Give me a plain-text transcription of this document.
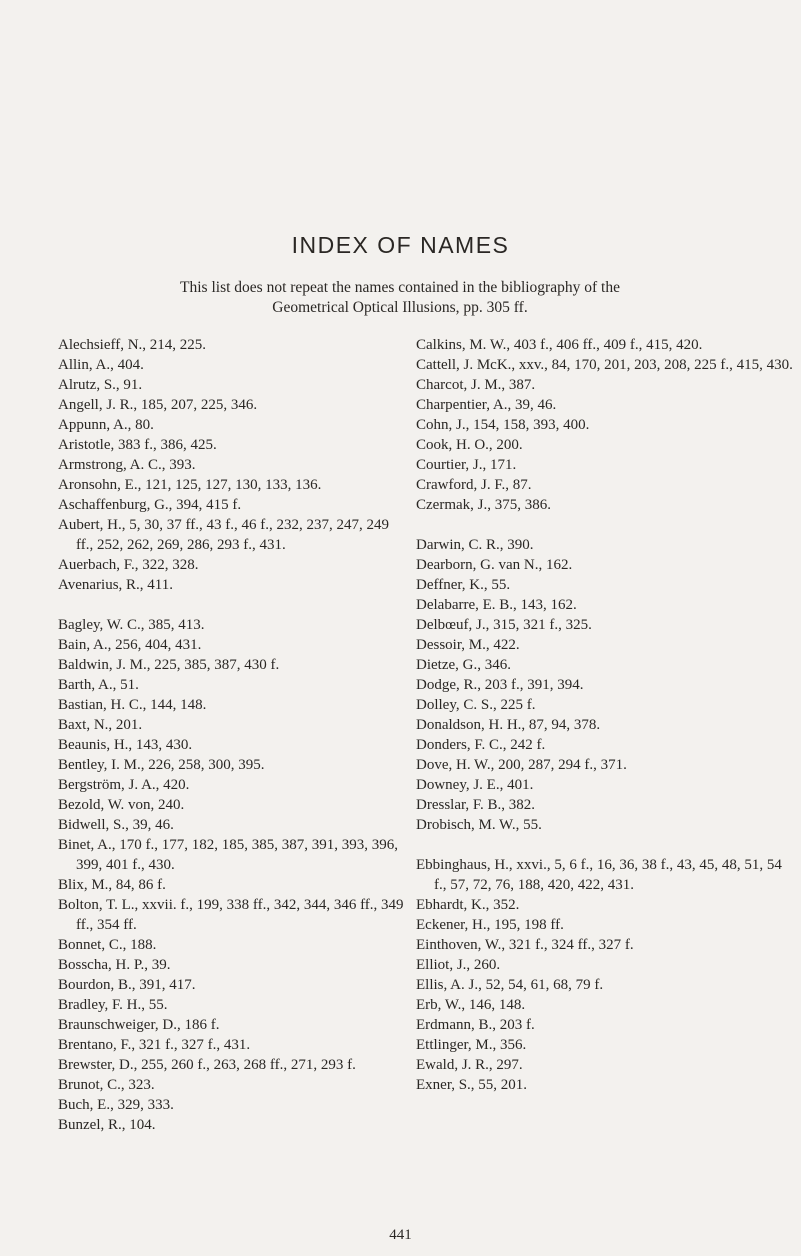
INDEX OF NAMES
This list does not repeat the names contained in the bibliography of the
Geometrical Optical Illusions, pp. 305 ff.
Alechsieff, N., 214, 225.
Allin, A., 404.
Alrutz, S., 91.
Angell, J. R., 185, 207, 225, 346.
Appunn, A., 80.
Aristotle, 383 f., 386, 425.
Armstrong, A. C., 393.
Aronsohn, E., 121, 125, 127, 130, 133, 136.
Aschaffenburg, G., 394, 415 f.
Aubert, H., 5, 30, 37 ff., 43 f., 46 f., 232, 237, 247, 249 ff., 252, 262, 269, 286, 293 f., 431.
Auerbach, F., 322, 328.
Avenarius, R., 411.
Bagley, W. C., 385, 413.
Bain, A., 256, 404, 431.
Baldwin, J. M., 225, 385, 387, 430 f.
Barth, A., 51.
Bastian, H. C., 144, 148.
Baxt, N., 201.
Beaunis, H., 143, 430.
Bentley, I. M., 226, 258, 300, 395.
Bergström, J. A., 420.
Bezold, W. von, 240.
Bidwell, S., 39, 46.
Binet, A., 170 f., 177, 182, 185, 385, 387, 391, 393, 396, 399, 401 f., 430.
Blix, M., 84, 86 f.
Bolton, T. L., xxvii. f., 199, 338 ff., 342, 344, 346 ff., 349 ff., 354 ff.
Bonnet, C., 188.
Bosscha, H. P., 39.
Bourdon, B., 391, 417.
Bradley, F. H., 55.
Braunschweiger, D., 186 f.
Brentano, F., 321 f., 327 f., 431.
Brewster, D., 255, 260 f., 263, 268 ff., 271, 293 f.
Brunot, C., 323.
Buch, E., 329, 333.
Bunzel, R., 104.
Calkins, M. W., 403 f., 406 ff., 409 f., 415, 420.
Cattell, J. McK., xxv., 84, 170, 201, 203, 208, 225 f., 415, 430.
Charcot, J. M., 387.
Charpentier, A., 39, 46.
Cohn, J., 154, 158, 393, 400.
Cook, H. O., 200.
Courtier, J., 171.
Crawford, J. F., 87.
Czermak, J., 375, 386.
Darwin, C. R., 390.
Dearborn, G. van N., 162.
Deffner, K., 55.
Delabarre, E. B., 143, 162.
Delbœuf, J., 315, 321 f., 325.
Dessoir, M., 422.
Dietze, G., 346.
Dodge, R., 203 f., 391, 394.
Dolley, C. S., 225 f.
Donaldson, H. H., 87, 94, 378.
Donders, F. C., 242 f.
Dove, H. W., 200, 287, 294 f., 371.
Downey, J. E., 401.
Dresslar, F. B., 382.
Drobisch, M. W., 55.
Ebbinghaus, H., xxvi., 5, 6 f., 16, 36, 38 f., 43, 45, 48, 51, 54 f., 57, 72, 76, 188, 420, 422, 431.
Ebhardt, K., 352.
Eckener, H., 195, 198 ff.
Einthoven, W., 321 f., 324 ff., 327 f.
Elliot, J., 260.
Ellis, A. J., 52, 54, 61, 68, 79 f.
Erb, W., 146, 148.
Erdmann, B., 203 f.
Ettlinger, M., 356.
Ewald, J. R., 297.
Exner, S., 55, 201.
441
